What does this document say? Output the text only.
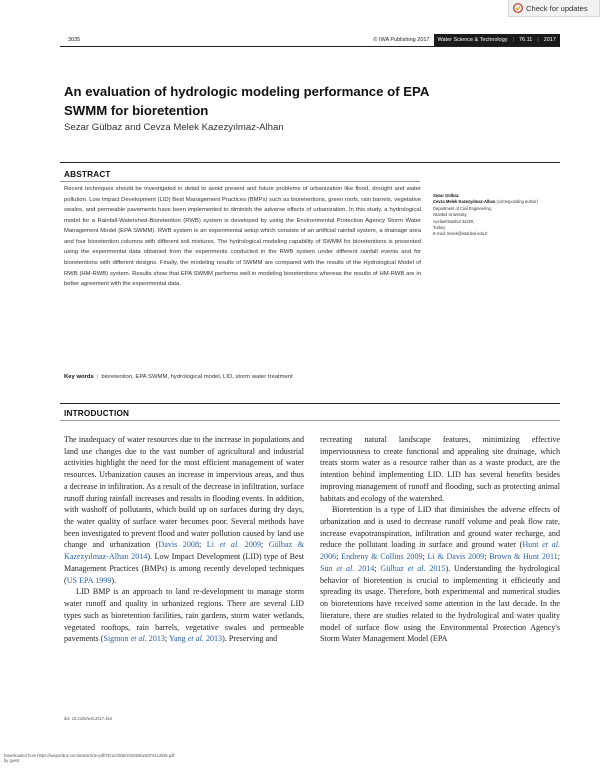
Check for updates
3035	© IWA Publishing 2017	Water Science & Technology | 76.11 | 2017
An evaluation of hydrologic modeling performance of EPA SWMM for bioretention
Sezar Gülbaz and Cevza Melek Kazezyılmaz-Alhan
ABSTRACT
Recent techniques should be investigated in detail to avoid present and future problems of urbanization like flood, drought and water pollution. Low Impact Development (LID) Best Management Practices (BMPs) such as bioretentions, green roofs, rain barrels, vegetative swales, and permeable pavements have been implemented to diminish the adverse effects of urbanization. In this study, a hydrological model for a Rainfall-Watershed-Bioretention (RWB) system is developed by using the Environmental Protection Agency Storm Water Management Model (EPA SWMM). RWB system is an experimental setup which consists of an artificial rainfall system, a drainage area and four bioretention columns with different soil mixtures. The hydrological modeling capability of SWMM for bioretentions is presented using the experimental data obtained from the experiments conducted in the RWB system under different rainfall events and for bioretentions with different designs. Finally, the modeling results of SWMM are compared with the results of the Hydrological Model of RWB (HM-RWB) system. Results show that EPA SWMM performs well in modeling bioretentions whereas the results of HM-RWB are in better agreement with the experimental data.
Key words | bioretention, EPA SWMM, hydrological model, LID, storm water treatment
Sezar Gülbaz
Cevza Melek Kazezyılmaz-Alhan (corresponding author)
Department of Civil Engineering,
Istanbul University,
Avcilar/Istanbul 34320,
Turkey
E-mail: melek@istanbul.edu.tr
INTRODUCTION

The inadequacy of water resources due to the increase in populations and land use changes due to the vast number of agricultural and industrial activities highlight the need for the most efficient management of water resources. Urbanization causes an increase in impervious areas, and thus a decrease in infiltration. As a result of the decrease in infiltration, surface runoff during rainfall increases and results in flooding events. In addition, with washoff of pollutants, which build up on surfaces during dry days, the water quality of surface water becomes poor. Several methods have been investigated to prevent flood and water pollution caused by land use change and urbanization (Davis 2008; Li et al. 2009; Gülbaz & Kazezyılmaz-Alhan 2014). Low Impact Development (LID) type of Best Management Practices (BMPs) is among recently developed techniques (US EPA 1999).

LID BMP is an approach to land re-development to manage storm water runoff and quality in urbanized regions. There are several LID types such as bioretention facilities, rain gardens, storm water wetlands, vegetated rooftops, rain barrels, vegetative swales and permeable pavements (Sigmon et al. 2013; Yang et al. 2013). Preserving and

recreating natural landscape features, minimizing effective imperviousness to create functional and appealing site drainage, which treats storm water as a resource rather than as a waste product, are the intention behind implementing LID. LID has several benefits besides improving management of runoff and flooding, such as protecting animal habitats and ecology of the watershed.

Bioretention is a type of LID that diminishes the adverse effects of urbanization and is used to decrease runoff volume and peak flow rate, increase evapotranspiration, infiltration and ground water recharge, and reduce the pollutant loading in surface and ground water (Hunt et al. 2006; Endreny & Collins 2009; Li & Davis 2009; Brown & Hunt 2011; Sun et al. 2014; Gülbaz et al. 2015). Understanding the hydrological behavior of bioretention is crucial to implementing it efficiently and spreading its usage. Therefore, both experimental and numerical studies on bioretentions have received some attention in the last decade. In the literature, there are studies related to the hydrological and water quality model of surface flow using the Environmental Protection Agency's Storm Water Management Model (EPA

doi: 10.2166/wst.2017.464
Downloaded from https://iwaponline.com/wst/article-pdf/76/11/3035/210269/wst076113035.pdf
by guest
